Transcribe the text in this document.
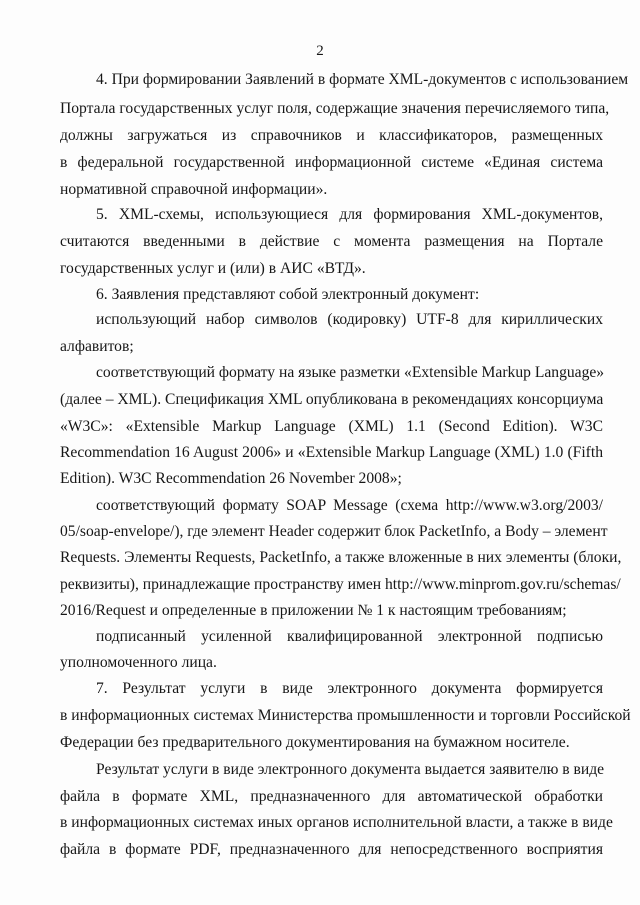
2
4. При формировании Заявлений в формате XML-документов с использованием
Портала государственных услуг поля, содержащие значения перечисляемого типа,
должны загружаться из справочников и классификаторов, размещенных
в федеральной государственной информационной системе «Единая система
нормативной справочной информации».
5. XML-схемы, использующиеся для формирования XML-документов,
считаются введенными в действие с момента размещения на Портале
государственных услуг и (или) в АИС «ВТД».
6. Заявления представляют собой электронный документ:
использующий набор символов (кодировку) UTF-8 для кириллических
алфавитов;
соответствующий формату на языке разметки «Extensible Markup Language»
(далее – XML). Спецификация XML опубликована в рекомендациях консорциума
«W3C»: «Extensible Markup Language (XML) 1.1 (Second Edition). W3C
Recommendation 16 August 2006» и «Extensible Markup Language (XML) 1.0 (Fifth
Edition). W3C Recommendation 26 November 2008»;
соответствующий формату SOAP Message (схема http://www.w3.org/2003/
05/soap-envelope/), где элемент Header содержит блок PacketInfo, а Body – элемент
Requests. Элементы Requests, PacketInfo, а также вложенные в них элементы (блоки,
реквизиты), принадлежащие пространству имен http://www.minprom.gov.ru/schemas/
2016/Request и определенные в приложении № 1 к настоящим требованиям;
подписанный усиленной квалифицированной электронной подписью
уполномоченного лица.
7. Результат услуги в виде электронного документа формируется
в информационных системах Министерства промышленности и торговли Российской
Федерации без предварительного документирования на бумажном носителе.
Результат услуги в виде электронного документа выдается заявителю в виде
файла в формате XML, предназначенного для автоматической обработки
в информационных системах иных органов исполнительной власти, а также в виде
файла в формате PDF, предназначенного для непосредственного восприятия
